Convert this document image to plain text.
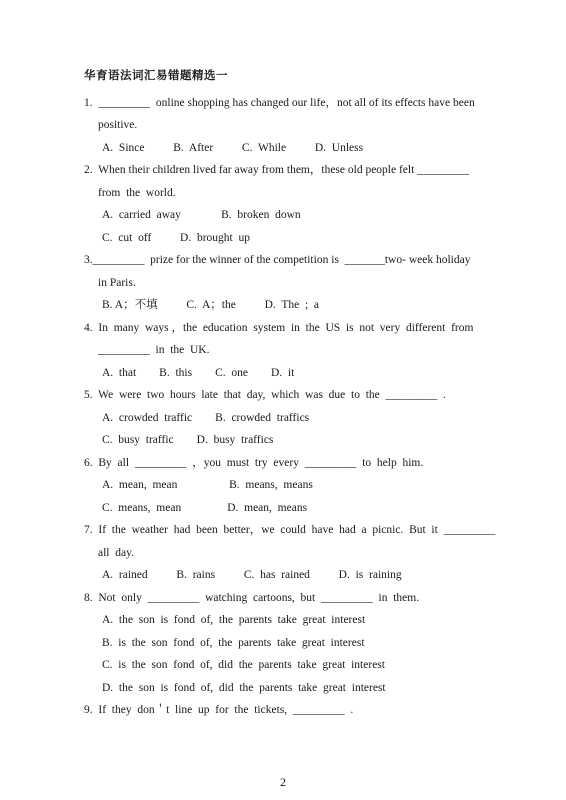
华育语法词汇易错题精选一
1.  _________  online shopping has changed our life，not all of its effects have been
positive.
A.  Since          B.  After          C.  While          D.  Unless
2.  When their children lived far away from them，these old people felt _________
from  the  world.
A.  carried  away              B.  broken  down
C.  cut  off          D.  brought  up
3._________  prize for the winner of the competition is  _______two- week holiday
in Paris.
B. A；不填          C.  A；the          D.  The  ;  a
4.  In  many  ways ，the  education  system  in  the  US  is  not  very  different  from
_________  in  the  UK.
A.  that        B.  this        C.  one        D.  it
5.  We  were  two  hours  late  that  day,  which  was  due  to  the  _________  .
A.  crowded  traffic        B.  crowded  traffics
C.  busy  traffic        D.  busy  traffics
6.  By  all  _________  ，you  must  try  every  _________  to  help  him.
A.  mean,  mean                  B.  means,  means
C.  means,  mean                D.  mean,  means
7.  If  the  weather  had  been  better，we  could  have  had  a  picnic.  But  it  _________
all  day.
A.  rained          B.  rains          C.  has  rained          D.  is  raining
8.  Not  only  _________  watching  cartoons,  but  _________  in  them.
A.  the  son  is  fond  of,  the  parents  take  great  interest
B.  is  the  son  fond  of,  the  parents  take  great  interest
C.  is  the  son  fond  of,  did  the  parents  take  great  interest
D.  the  son  is  fond  of,  did  the  parents  take  great  interest
9.  If  they  don＇t  line  up  for  the  tickets,  _________  .
2
